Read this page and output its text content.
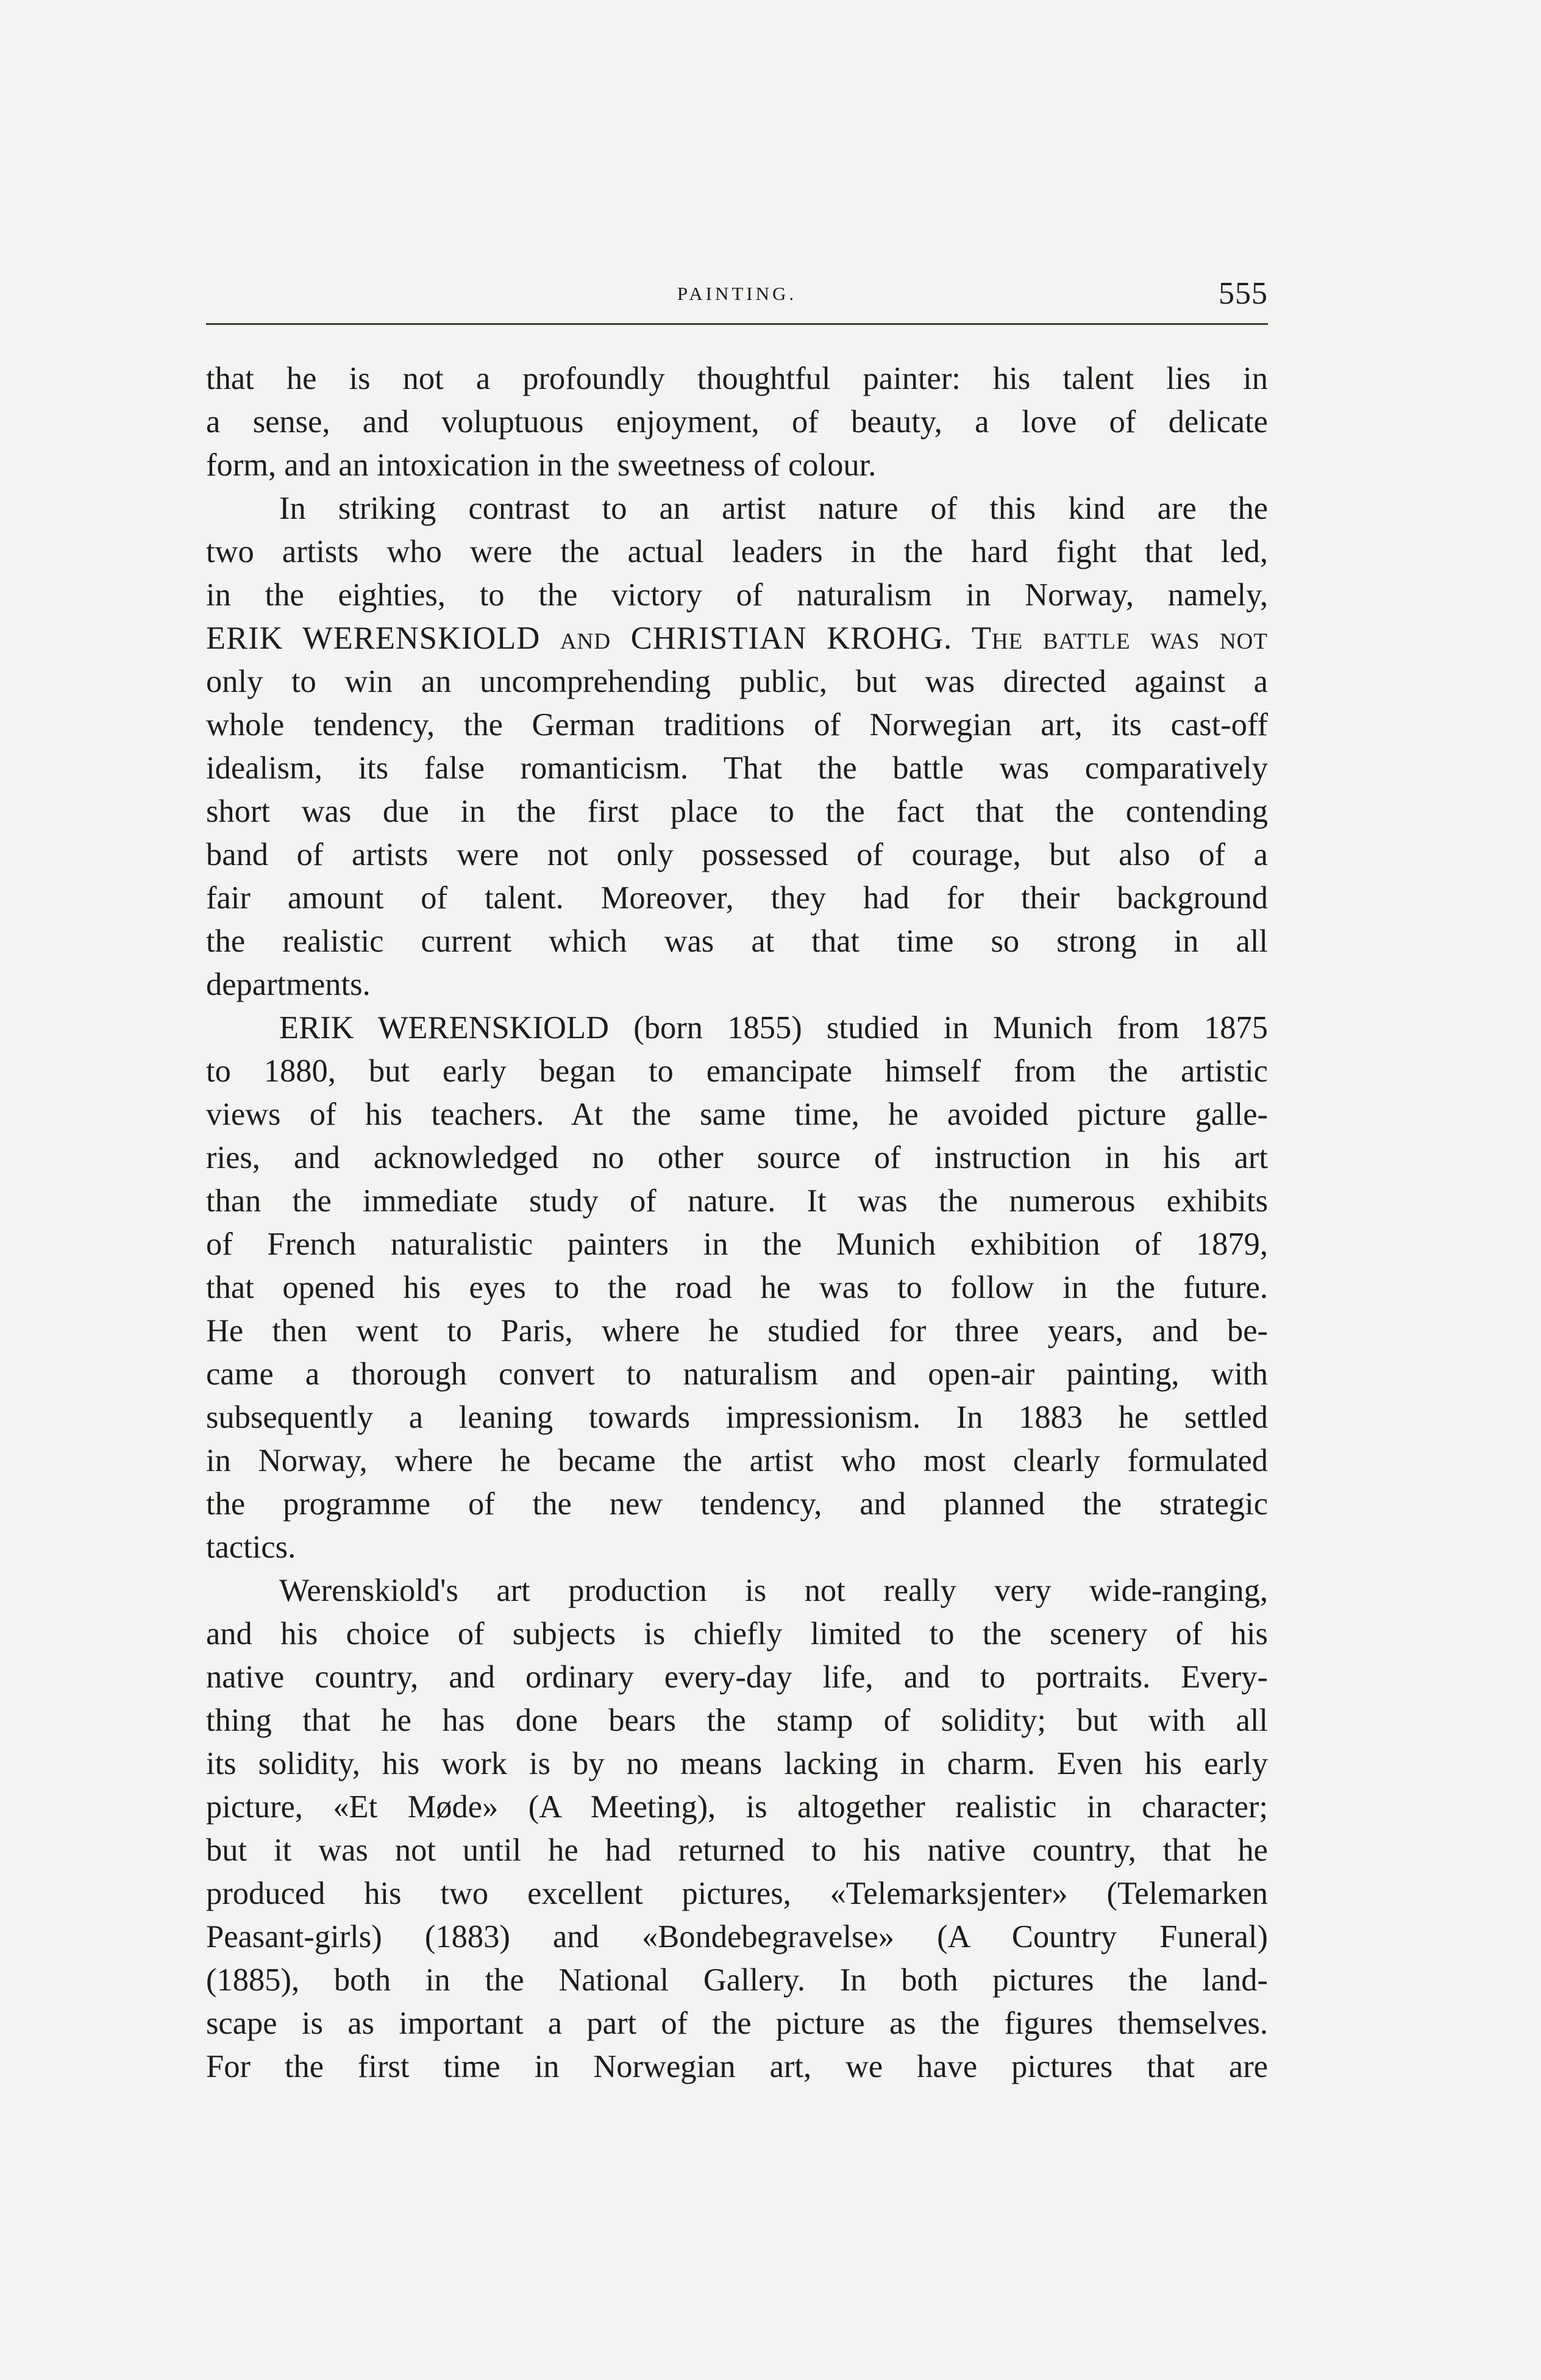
PAINTING.	555
that he is not a profoundly thoughtful painter: his talent lies in
a sense, and voluptuous enjoyment, of beauty, a love of delicate
form, and an intoxication in the sweetness of colour.
In striking contrast to an artist nature of this kind are the
two artists who were the actual leaders in the hard fight that led,
in the eighties, to the victory of naturalism in Norway, namely,
ERIK WERENSKIOLD and CHRISTIAN KROHG. The battle was not
only to win an uncomprehending public, but was directed against a
whole tendency, the German traditions of Norwegian art, its cast-off
idealism, its false romanticism. That the battle was comparatively
short was due in the first place to the fact that the contending
band of artists were not only possessed of courage, but also of a
fair amount of talent. Moreover, they had for their background
the realistic current which was at that time so strong in all
departments.
ERIK WERENSKIOLD (born 1855) studied in Munich from 1875
to 1880, but early began to emancipate himself from the artistic
views of his teachers. At the same time, he avoided picture galle-
ries, and acknowledged no other source of instruction in his art
than the immediate study of nature. It was the numerous exhibits
of French naturalistic painters in the Munich exhibition of 1879,
that opened his eyes to the road he was to follow in the future.
He then went to Paris, where he studied for three years, and be-
came a thorough convert to naturalism and open-air painting, with
subsequently a leaning towards impressionism. In 1883 he settled
in Norway, where he became the artist who most clearly formulated
the programme of the new tendency, and planned the strategic
tactics.
Werenskiold's art production is not really very wide-ranging,
and his choice of subjects is chiefly limited to the scenery of his
native country, and ordinary every-day life, and to portraits. Every-
thing that he has done bears the stamp of solidity; but with all
its solidity, his work is by no means lacking in charm. Even his early
picture, «Et Møde» (A Meeting), is altogether realistic in character;
but it was not until he had returned to his native country, that he
produced his two excellent pictures, «Telemarksjenter» (Telemarken
Peasant-girls) (1883) and «Bondebegravelse» (A Country Funeral)
(1885), both in the National Gallery. In both pictures the land-
scape is as important a part of the picture as the figures themselves.
For the first time in Norwegian art, we have pictures that are
